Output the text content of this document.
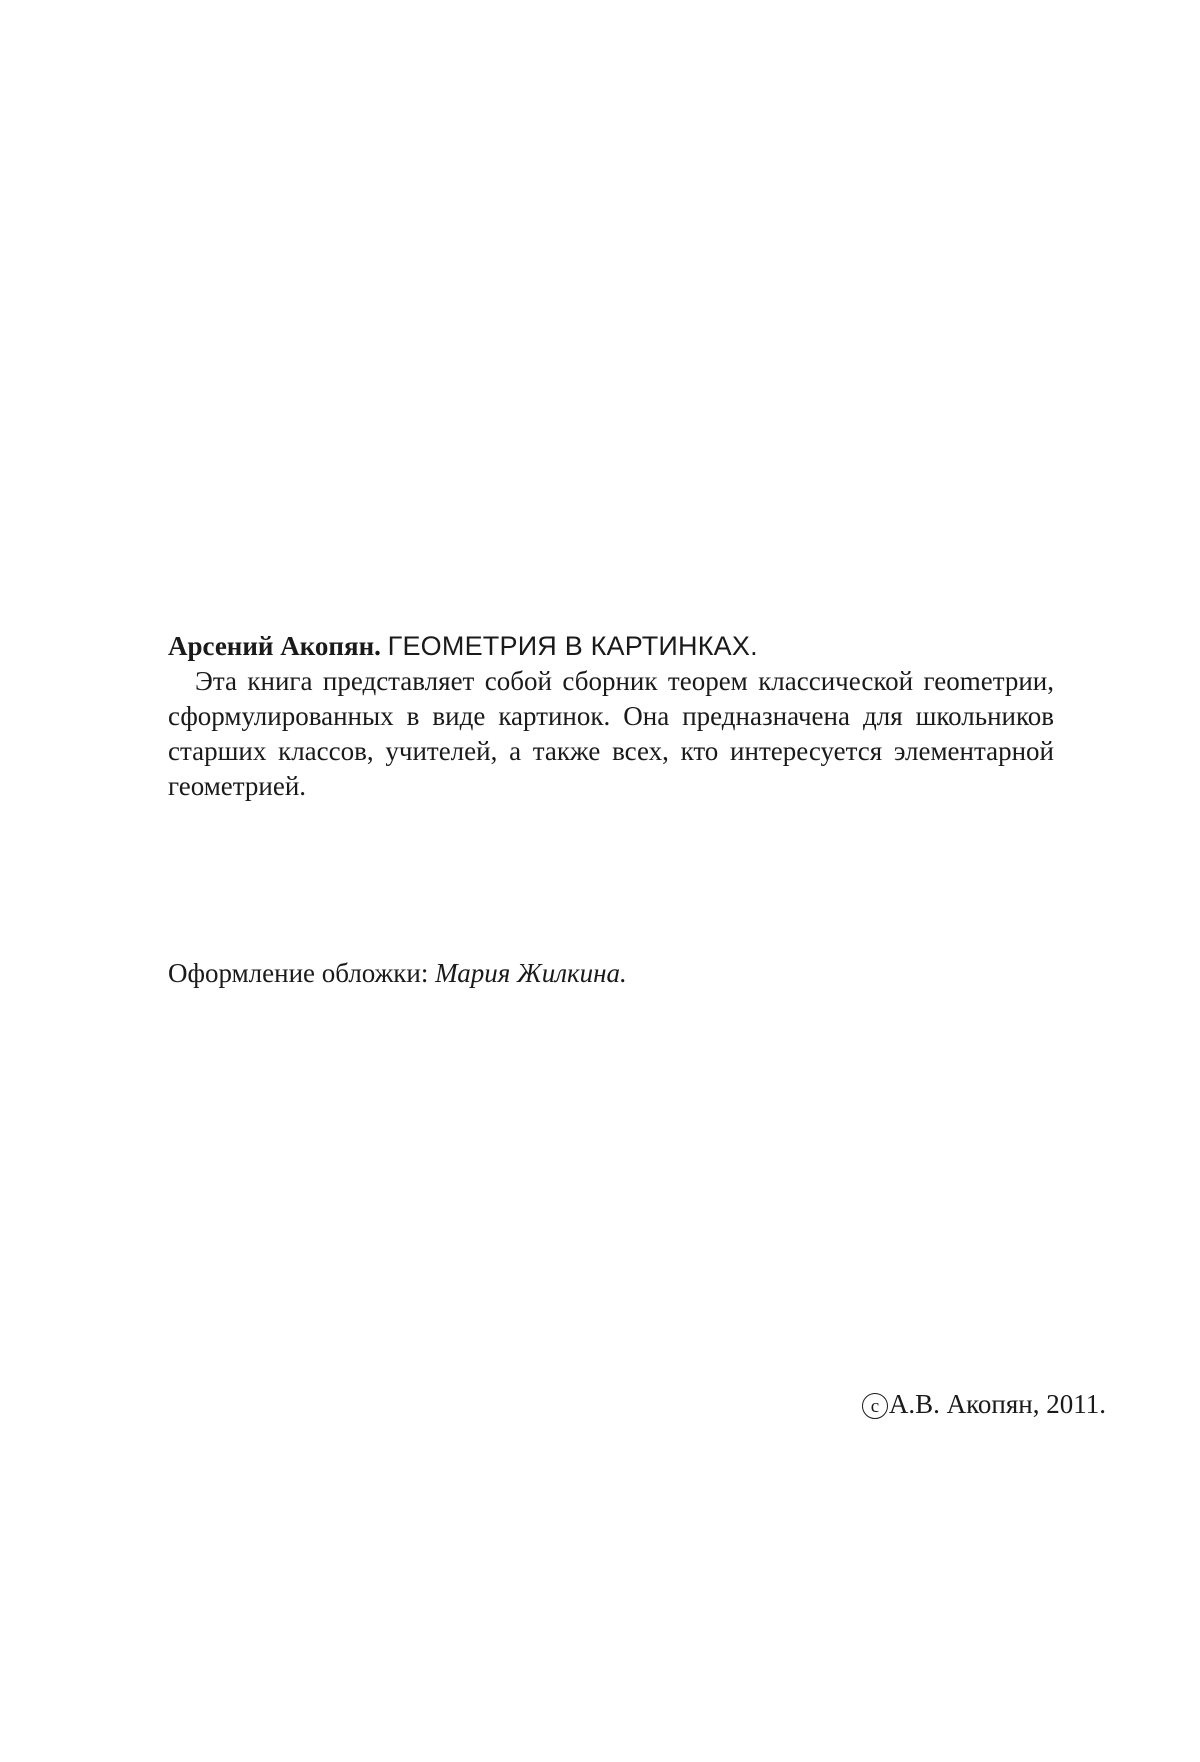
Арсений Акопян. ГЕОМЕТРИЯ В КАРТИНКАХ.

Эта книга представляет собой сборник теорем классической геоmетрии, сформулированных в виде картинок. Она предназначена для школьников старших классов, учителей, а также всех, кто интересуется элементарной геометрией.

Оформление обложки: Мария Жилкина.
c А.В. Акопян, 2011.
